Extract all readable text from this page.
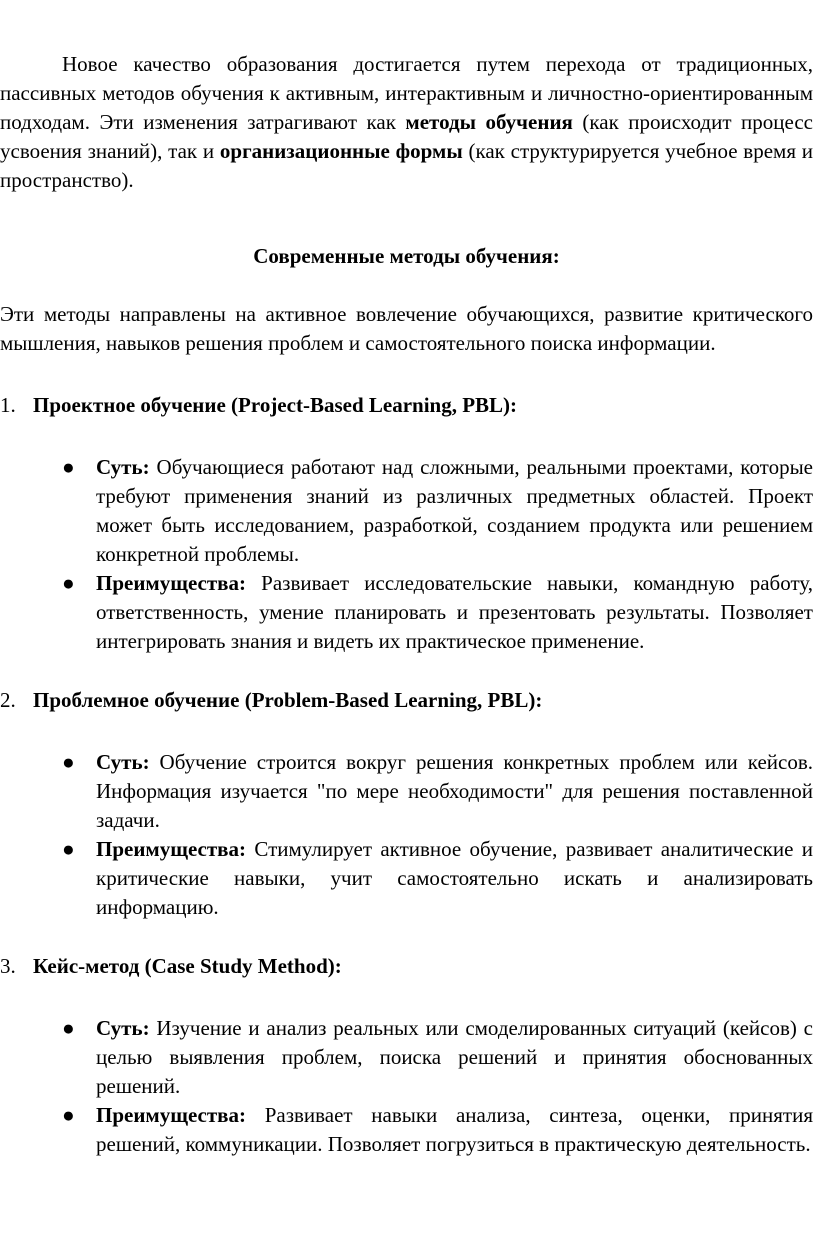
Новое качество образования достигается путем перехода от традиционных, пассивных методов обучения к активным, интерактивным и личностно-ориентированным подходам. Эти изменения затрагивают как методы обучения (как происходит процесс усвоения знаний), так и организационные формы (как структурируется учебное время и пространство).

Современные методы обучения:

Эти методы направлены на активное вовлечение обучающихся, развитие критического мышления, навыков решения проблем и самостоятельного поиска информации.

1. Проектное обучение (Project-Based Learning, PBL):
● Суть: Обучающиеся работают над сложными, реальными проектами, которые требуют применения знаний из различных предметных областей. Проект может быть исследованием, разработкой, созданием продукта или решением конкретной проблемы.
● Преимущества: Развивает исследовательские навыки, командную работу, ответственность, умение планировать и презентовать результаты. Позволяет интегрировать знания и видеть их практическое применение.
2. Проблемное обучение (Problem-Based Learning, PBL):
● Суть: Обучение строится вокруг решения конкретных проблем или кейсов. Информация изучается "по мере необходимости" для решения поставленной задачи.
● Преимущества: Стимулирует активное обучение, развивает аналитические и критические навыки, учит самостоятельно искать и анализировать информацию.
3. Кейс-метод (Case Study Method):
● Суть: Изучение и анализ реальных или смоделированных ситуаций (кейсов) с целью выявления проблем, поиска решений и принятия обоснованных решений.
● Преимущества: Развивает навыки анализа, синтеза, оценки, принятия решений, коммуникации. Позволяет погрузиться в практическую деятельность.
